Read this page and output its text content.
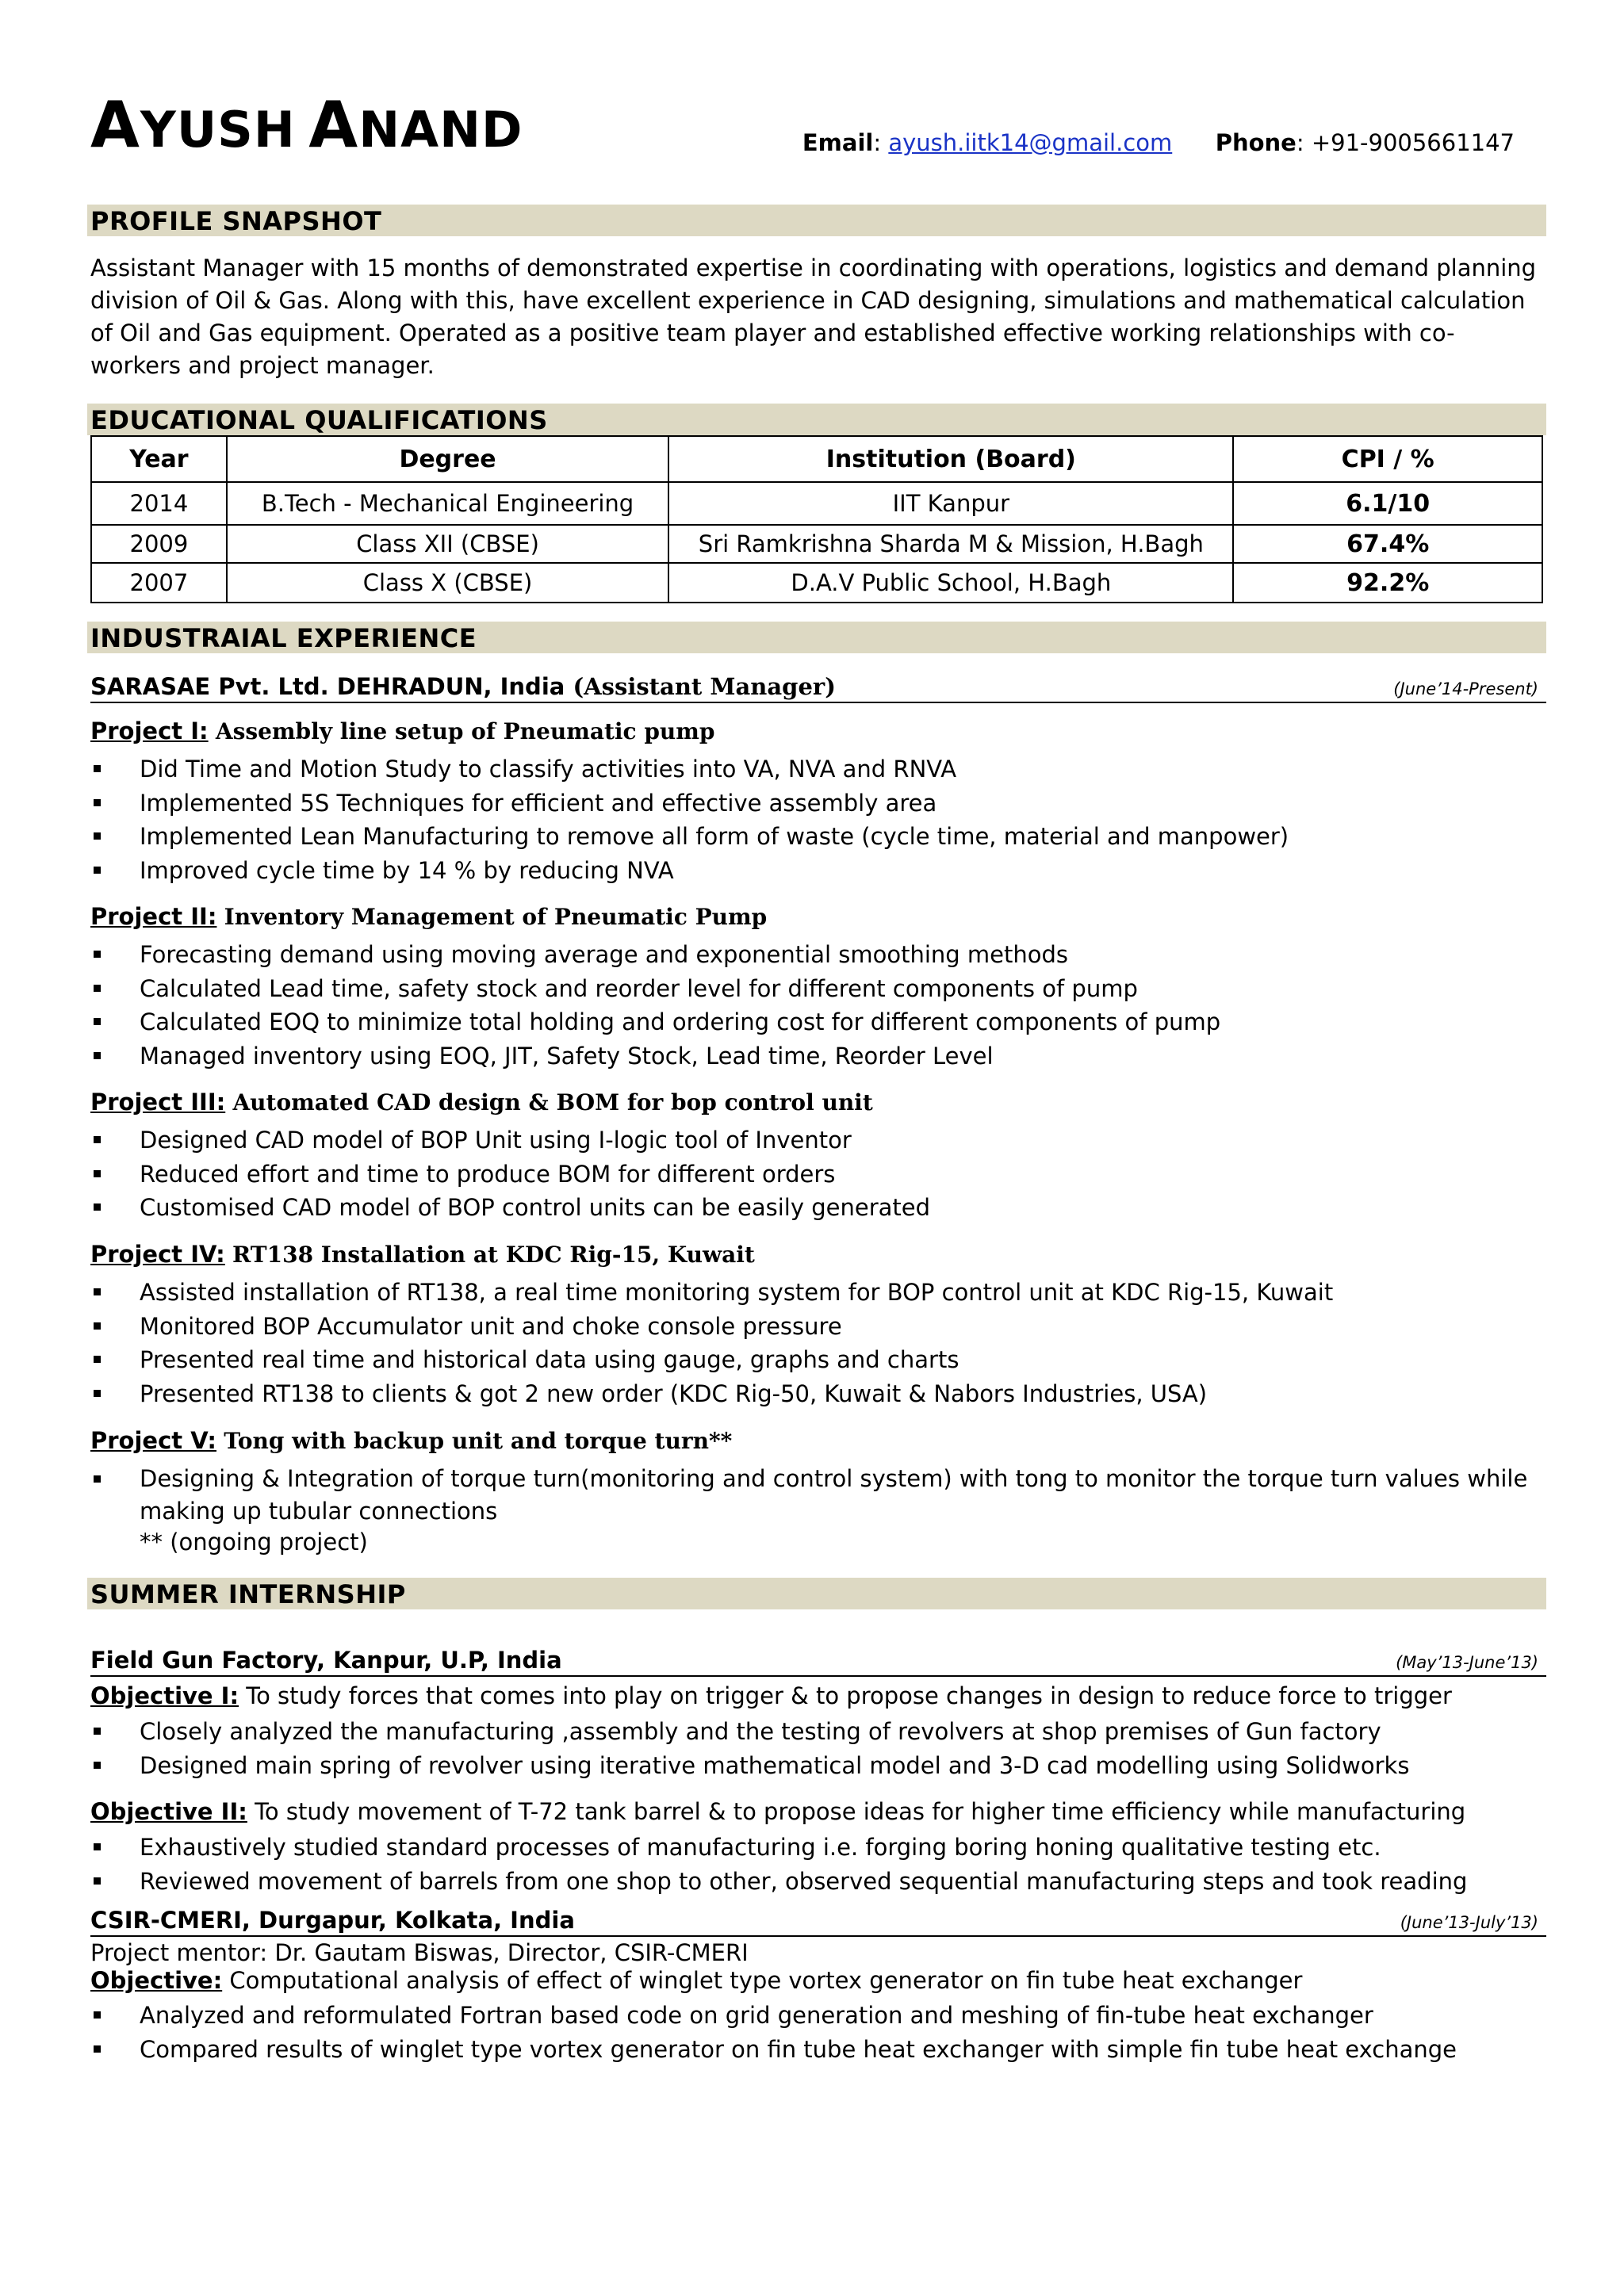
AYUSH ANAND	Email: ayush.iitk14@gmail.com Phone: +91-9005661147
PROFILE SNAPSHOT
Assistant Manager with 15 months of demonstrated expertise in coordinating with operations, logistics and demand planning division of Oil & Gas. Along with this, have excellent experience in CAD designing, simulations and mathematical calculation of Oil and Gas equipment. Operated as a positive team player and established effective working relationships with co-workers and project manager.
EDUCATIONAL QUALIFICATIONS
Year	Degree	Institution (Board)	CPI / %
2014	B.Tech - Mechanical Engineering	IIT Kanpur	6.1/10
2009	Class XII (CBSE)	Sri Ramkrishna Sharda M & Mission, H.Bagh	67.4%
2007	Class X (CBSE)	D.A.V Public School, H.Bagh	92.2%
INDUSTRAIAL EXPERIENCE
SARASAE Pvt. Ltd. DEHRADUN, India (Assistant Manager)	(June’14-Present)
Project I: Assembly line setup of Pneumatic pump
Did Time and Motion Study to classify activities into VA, NVA and RNVA
Implemented 5S Techniques for efficient and effective assembly area
Implemented Lean Manufacturing to remove all form of waste (cycle time, material and manpower)
Improved cycle time by 14 % by reducing NVA
Project II: Inventory Management of Pneumatic Pump
Forecasting demand using moving average and exponential smoothing methods
Calculated Lead time, safety stock and reorder level for different components of pump
Calculated EOQ to minimize total holding and ordering cost for different components of pump
Managed inventory using EOQ, JIT, Safety Stock, Lead time, Reorder Level
Project III: Automated CAD design & BOM for bop control unit
Designed CAD model of BOP Unit using I-logic tool of Inventor
Reduced effort and time to produce BOM for different orders
Customised CAD model of BOP control units can be easily generated
Project IV: RT138 Installation at KDC Rig-15, Kuwait
Assisted installation of RT138, a real time monitoring system for BOP control unit at KDC Rig-15, Kuwait
Monitored BOP Accumulator unit and choke console pressure
Presented real time and historical data using gauge, graphs and charts
Presented RT138 to clients & got 2 new order (KDC Rig-50, Kuwait & Nabors Industries, USA)
Project V: Tong with backup unit and torque turn**
Designing & Integration of torque turn(monitoring and control system) with tong to monitor the torque turn values while making up tubular connections
** (ongoing project)
SUMMER INTERNSHIP
Field Gun Factory, Kanpur, U.P, India	(May’13-June’13)
Objective I: To study forces that comes into play on trigger & to propose changes in design to reduce force to trigger
Closely analyzed the manufacturing ,assembly and the testing of revolvers at shop premises of Gun factory
Designed main spring of revolver using iterative mathematical model and 3-D cad modelling using Solidworks
Objective II: To study movement of T-72 tank barrel & to propose ideas for higher time efficiency while manufacturing
Exhaustively studied standard processes of manufacturing i.e. forging boring honing qualitative testing etc.
Reviewed movement of barrels from one shop to other, observed sequential manufacturing steps and took reading
CSIR-CMERI, Durgapur, Kolkata, India	(June’13-July’13)
Project mentor: Dr. Gautam Biswas, Director, CSIR-CMERI
Objective: Computational analysis of effect of winglet type vortex generator on fin tube heat exchanger
Analyzed and reformulated Fortran based code on grid generation and meshing of fin-tube heat exchanger
Compared results of winglet type vortex generator on fin tube heat exchanger with simple fin tube heat exchange
